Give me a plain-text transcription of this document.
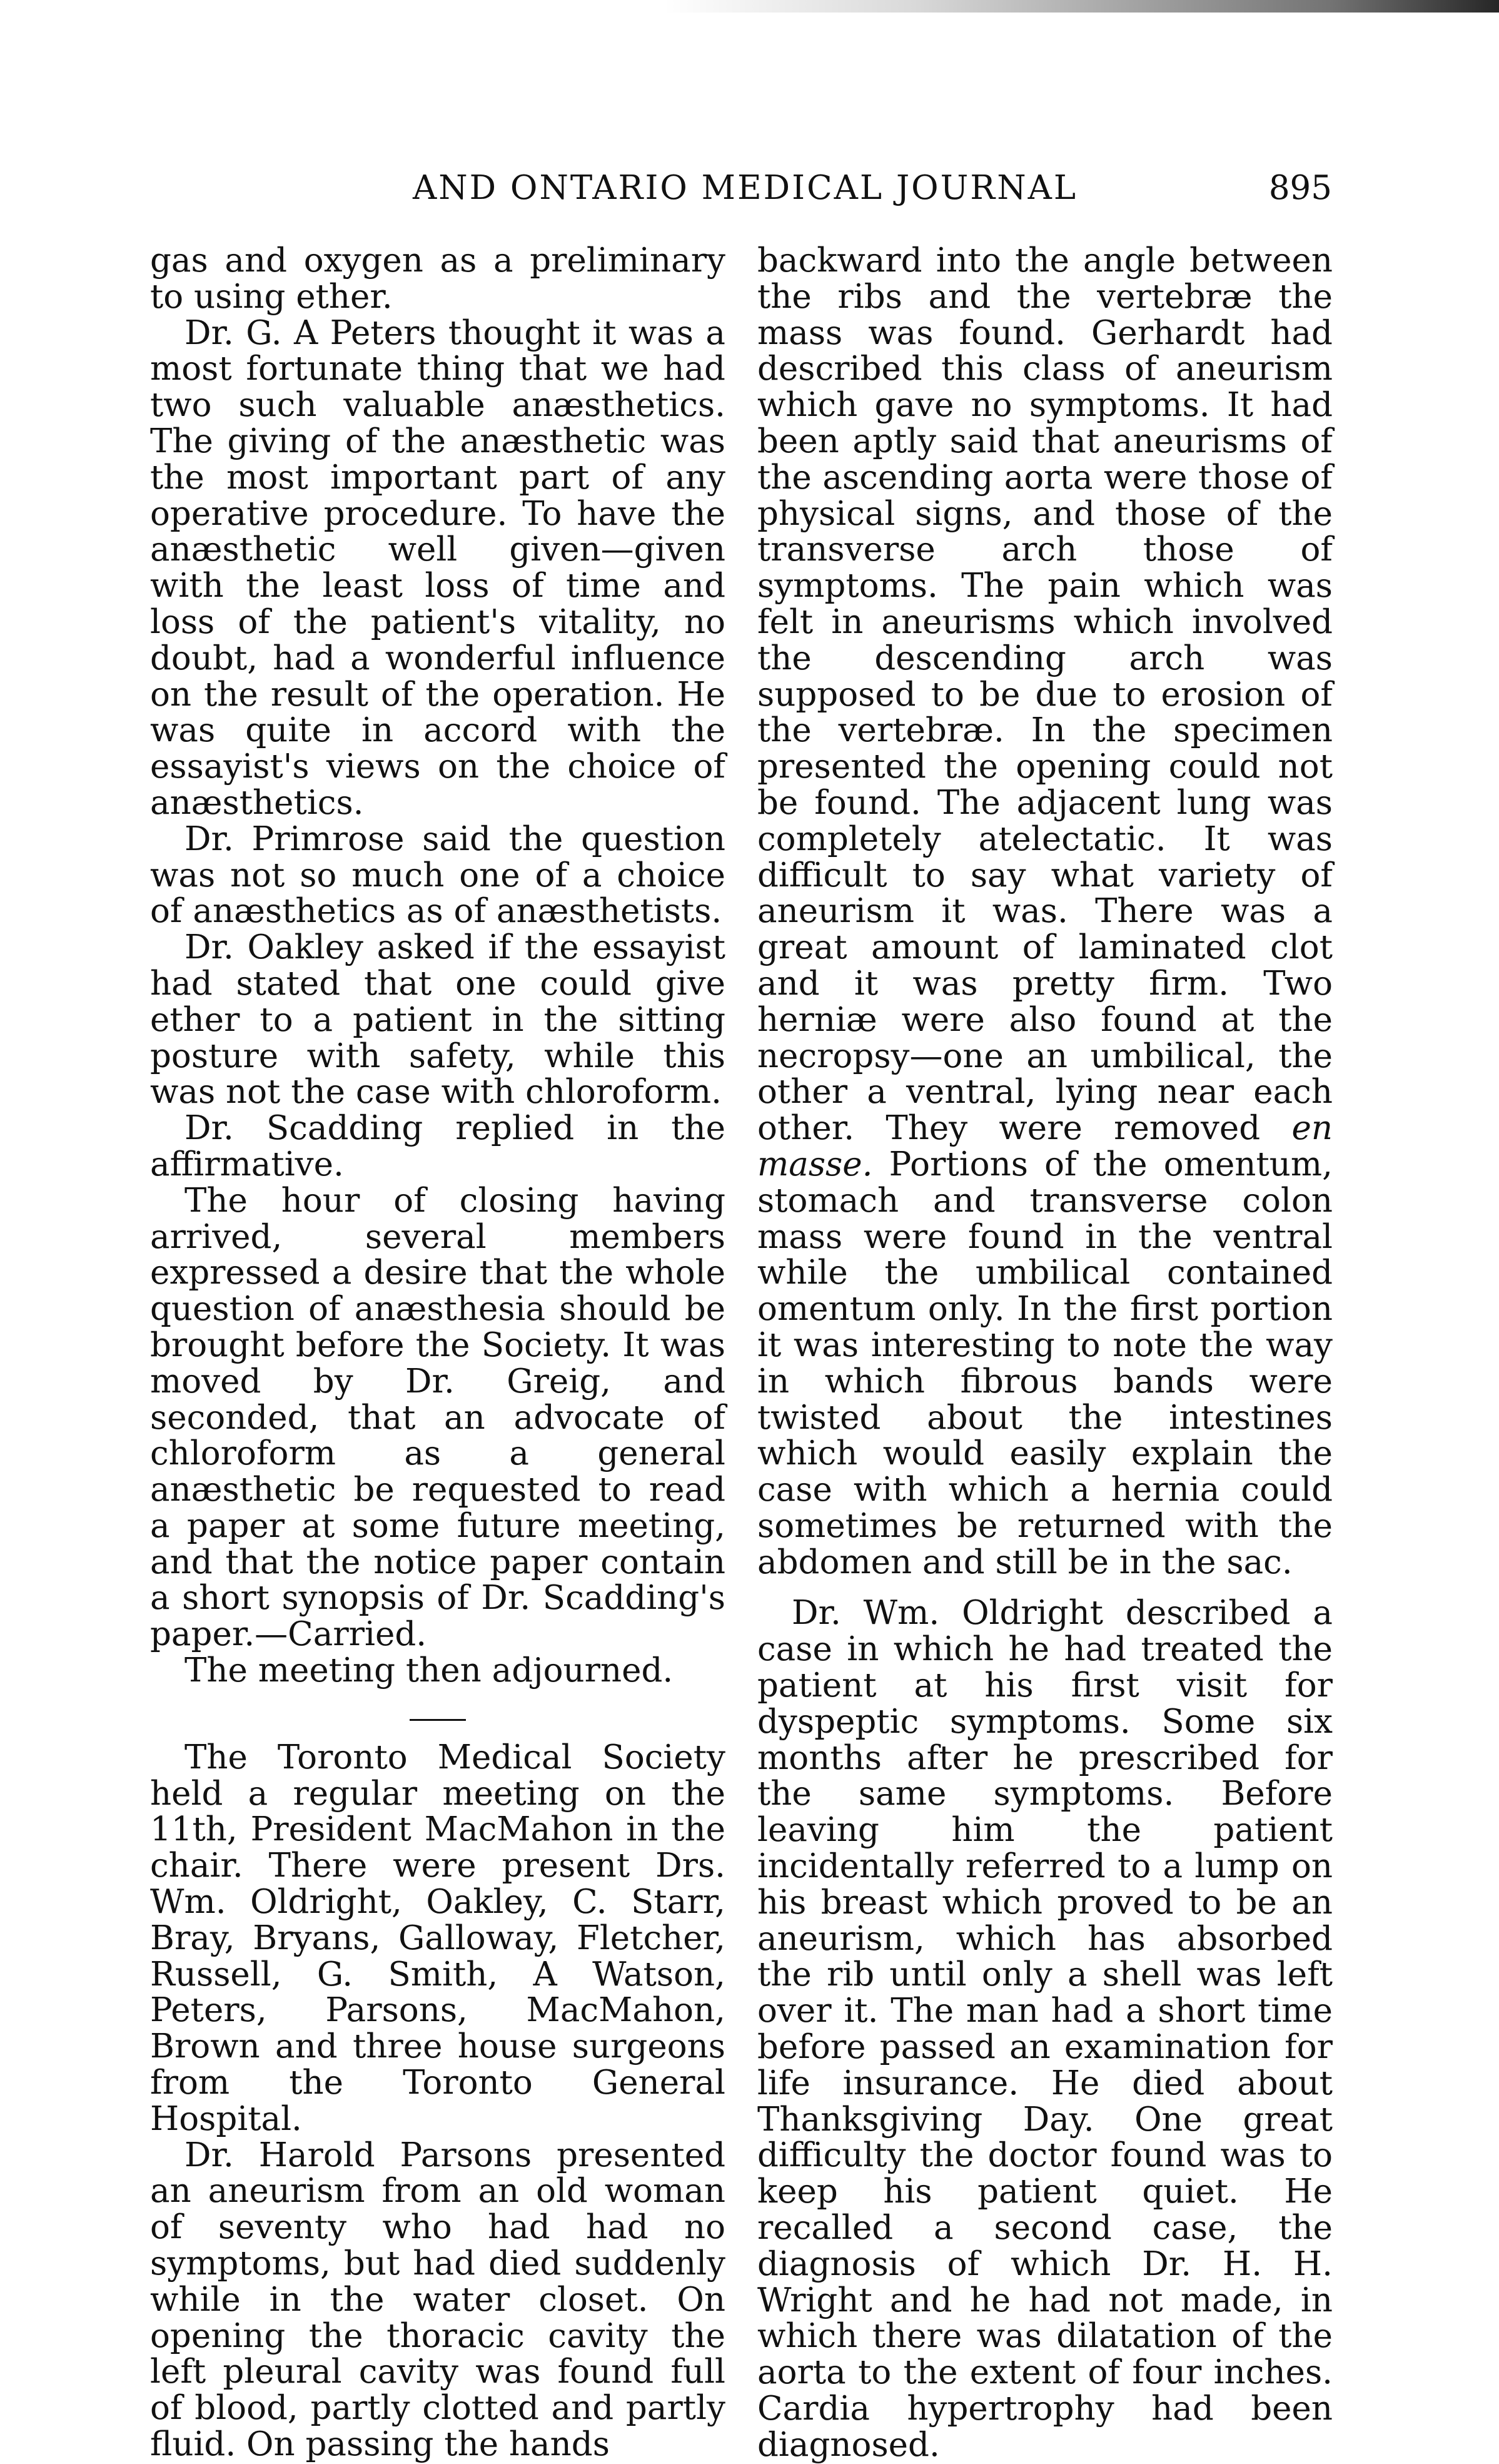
AND ONTARIO MEDICAL JOURNAL	895

gas and oxygen as a preliminary to using ether.

Dr. G. A Peters thought it was a most fortunate thing that we had two such valuable anæsthetics. The giving of the anæsthetic was the most important part of any operative procedure. To have the anæsthetic well given—given with the least loss of time and loss of the patient's vitality, no doubt, had a wonderful influence on the result of the operation. He was quite in accord with the essayist's views on the choice of anæsthetics.

Dr. Primrose said the question was not so much one of a choice of anæsthetics as of anæsthetists.

Dr. Oakley asked if the essayist had stated that one could give ether to a patient in the sitting posture with safety, while this was not the case with chloroform.

Dr. Scadding replied in the affirmative.

The hour of closing having arrived, several members expressed a desire that the whole question of anæsthesia should be brought before the Society. It was moved by Dr. Greig, and seconded, that an advocate of chloroform as a general anæsthetic be requested to read a paper at some future meeting, and that the notice paper contain a short synopsis of Dr. Scadding's paper.—Carried.

The meeting then adjourned.

The Toronto Medical Society held a regular meeting on the 11th, President MacMahon in the chair. There were present Drs. Wm. Oldright, Oakley, C. Starr, Bray, Bryans, Galloway, Fletcher, Russell, G. Smith, A Watson, Peters, Parsons, MacMahon, Brown and three house surgeons from the Toronto General Hospital.

Dr. Harold Parsons presented an aneurism from an old woman of seventy who had had no symptoms, but had died suddenly while in the water closet. On opening the thoracic cavity the left pleural cavity was found full of blood, partly clotted and partly fluid. On passing the hands

backward into the angle between the ribs and the vertebræ the mass was found. Gerhardt had described this class of aneurism which gave no symptoms. It had been aptly said that aneurisms of the ascending aorta were those of physical signs, and those of the transverse arch those of symptoms. The pain which was felt in aneurisms which involved the descending arch was supposed to be due to erosion of the vertebræ. In the specimen presented the opening could not be found. The adjacent lung was completely atelectatic. It was difficult to say what variety of aneurism it was. There was a great amount of laminated clot and it was pretty firm. Two herniæ were also found at the necropsy—one an umbilical, the other a ventral, lying near each other. They were removed en masse. Portions of the omentum, stomach and transverse colon mass were found in the ventral while the umbilical contained omentum only. In the first portion it was interesting to note the way in which fibrous bands were twisted about the intestines which would easily explain the case with which a hernia could sometimes be returned with the abdomen and still be in the sac.

Dr. Wm. Oldright described a case in which he had treated the patient at his first visit for dyspeptic symptoms. Some six months after he prescribed for the same symptoms. Before leaving him the patient incidentally referred to a lump on his breast which proved to be an aneurism, which has absorbed the rib until only a shell was left over it. The man had a short time before passed an examination for life insurance. He died about Thanksgiving Day. One great difficulty the doctor found was to keep his patient quiet. He recalled a second case, the diagnosis of which Dr. H. H. Wright and he had not made, in which there was dilatation of the aorta to the extent of four inches. Cardia hypertrophy had been diagnosed.
